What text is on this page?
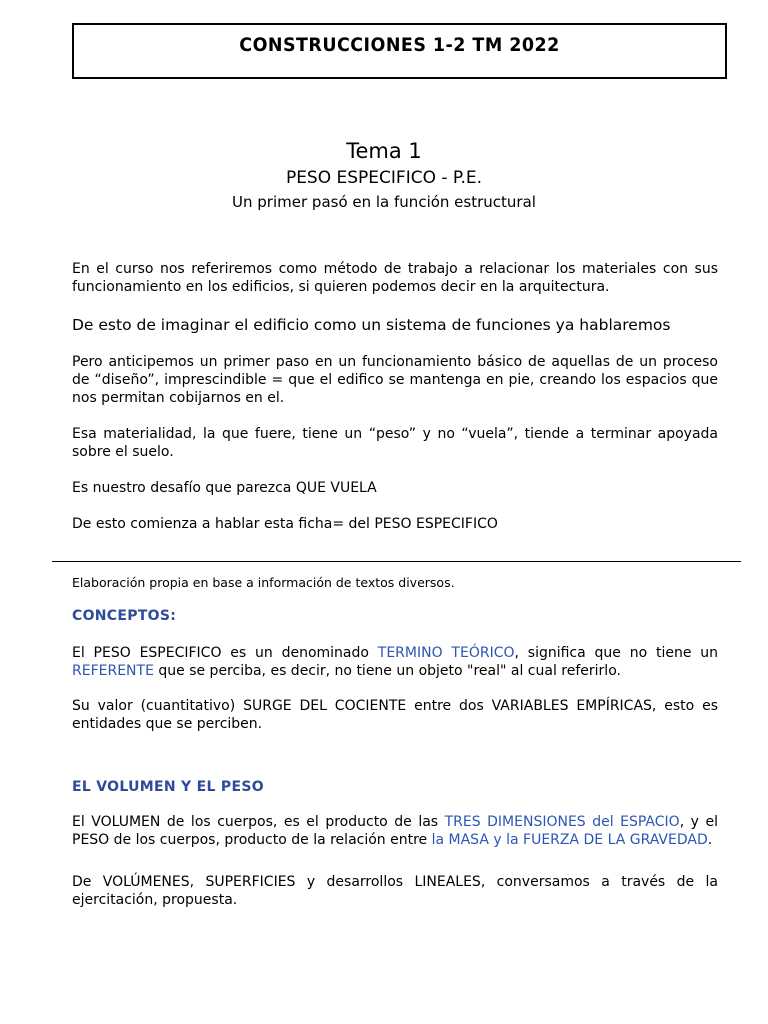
CONSTRUCCIONES 1-2 TM 2022
Tema 1
PESO ESPECIFICO - P.E.
Un primer pasó en la función estructural
En el curso nos referiremos como método de trabajo a relacionar los materiales con sus funcionamiento en los edificios, si quieren podemos decir en la arquitectura.
De esto de imaginar el edificio como un sistema de funciones ya hablaremos
Pero anticipemos un primer paso en un funcionamiento básico de aquellas de un proceso de “diseño”, imprescindible = que el edifico se mantenga en pie, creando los espacios que nos permitan cobijarnos en el.
Esa materialidad, la que fuere, tiene un “peso” y no “vuela”, tiende a terminar apoyada sobre el suelo.
Es nuestro desafío que parezca QUE VUELA
De esto comienza a hablar esta ficha= del PESO ESPECIFICO
Elaboración propia en base a información de textos diversos.
CONCEPTOS:
El PESO ESPECIFICO es un denominado TERMINO TEÓRICO, significa que no tiene un REFERENTE que se perciba, es decir, no tiene un objeto "real" al cual referirlo.
Su valor (cuantitativo) SURGE DEL COCIENTE entre dos VARIABLES EMPÍRICAS, esto es entidades que se perciben.
EL VOLUMEN Y EL PESO
El VOLUMEN de los cuerpos, es el producto de las TRES DIMENSIONES del ESPACIO, y el PESO de los cuerpos, producto de la relación entre la MASA y la FUERZA DE LA GRAVEDAD.
De VOLÚMENES, SUPERFICIES y desarrollos LINEALES, conversamos a través de la ejercitación, propuesta.
